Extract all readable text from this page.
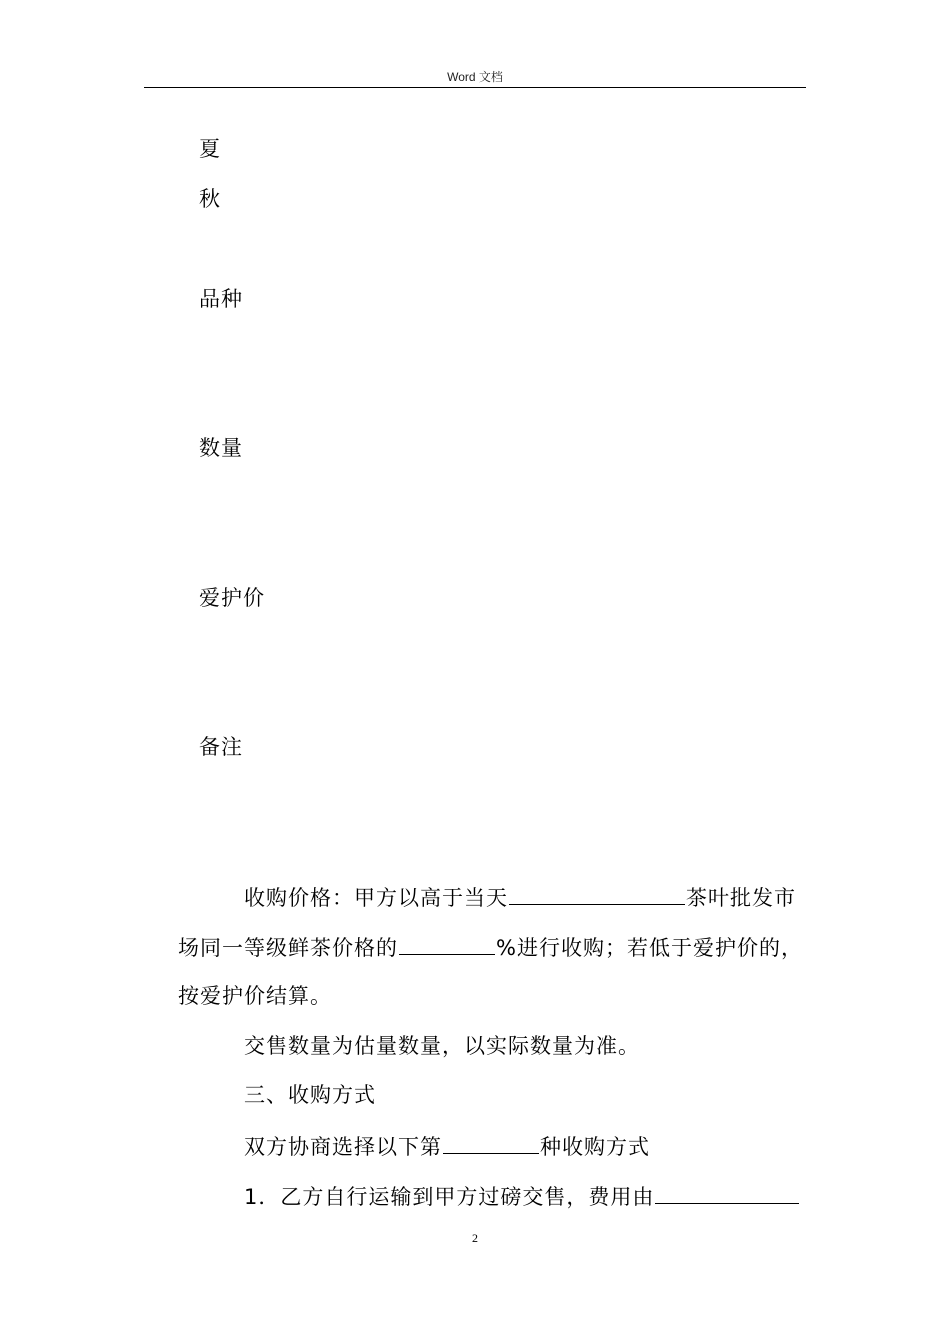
Word 文档
夏
秋
品种
数量
爱护价
备注
收购价格：甲方以高于当天	茶叶批发市
场同一等级鲜茶价格的	%进行收购；若低于爱护价的，
按爱护价结算。
交售数量为估量数量，以实际数量为准。
三、收购方式
双方协商选择以下第	种收购方式
1．乙方自行运输到甲方过磅交售，费用由
2
